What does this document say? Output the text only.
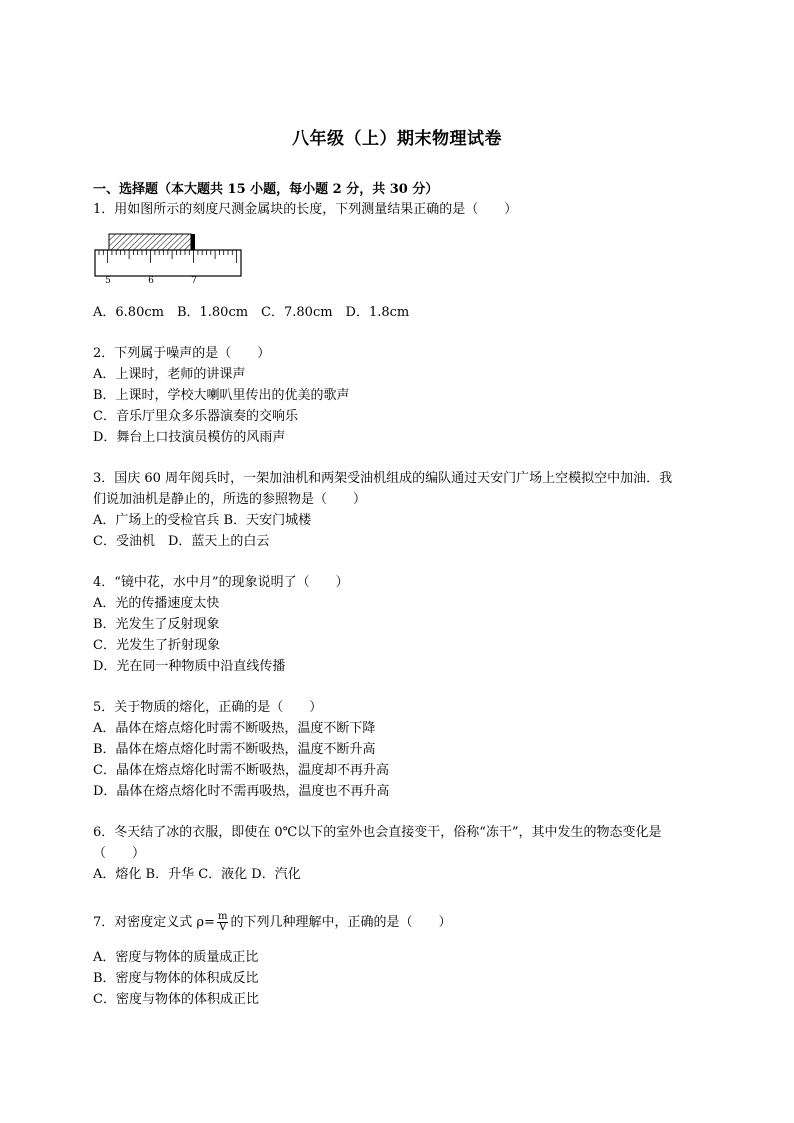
八年级（上）期末物理试卷
一、选择题（本大题共 15 小题，每小题 2 分，共 30 分）
1．用如图所示的刻度尺测金属块的长度，下列测量结果正确的是（　　）
5	6	7
A．6.80cm　B．1.80cm　C．7.80cm　D．1.8cm
2．下列属于噪声的是（　　）
A．上课时，老师的讲课声
B．上课时，学校大喇叭里传出的优美的歌声
C．音乐厅里众多乐器演奏的交响乐
D．舞台上口技演员模仿的风雨声
3．国庆 60 周年阅兵时，一架加油机和两架受油机组成的编队通过天安门广场上空模拟空中加油．我
们说加油机是静止的，所选的参照物是（　　）
A．广场上的受检官兵 B．天安门城楼
C．受油机　D．蓝天上的白云
4．“镜中花，水中月”的现象说明了（　　）
A．光的传播速度太快
B．光发生了反射现象
C．光发生了折射现象
D．光在同一种物质中沿直线传播
5．关于物质的熔化，正确的是（　　）
A．晶体在熔点熔化时需不断吸热，温度不断下降
B．晶体在熔点熔化时需不断吸热，温度不断升高
C．晶体在熔点熔化时需不断吸热，温度却不再升高
D．晶体在熔点熔化时不需再吸热，温度也不再升高
6．冬天结了冰的衣服，即使在 0℃以下的室外也会直接变干，俗称“冻干”，其中发生的物态变化是
（　　）
A．熔化 B．升华 C．液化 D．汽化
7．对密度定义式 $\rho= \frac{m}{V}$ 的下列几种理解中，正确的是（　　）
A．密度与物体的质量成正比
B．密度与物体的体积成反比
C．密度与物体的体积成正比
